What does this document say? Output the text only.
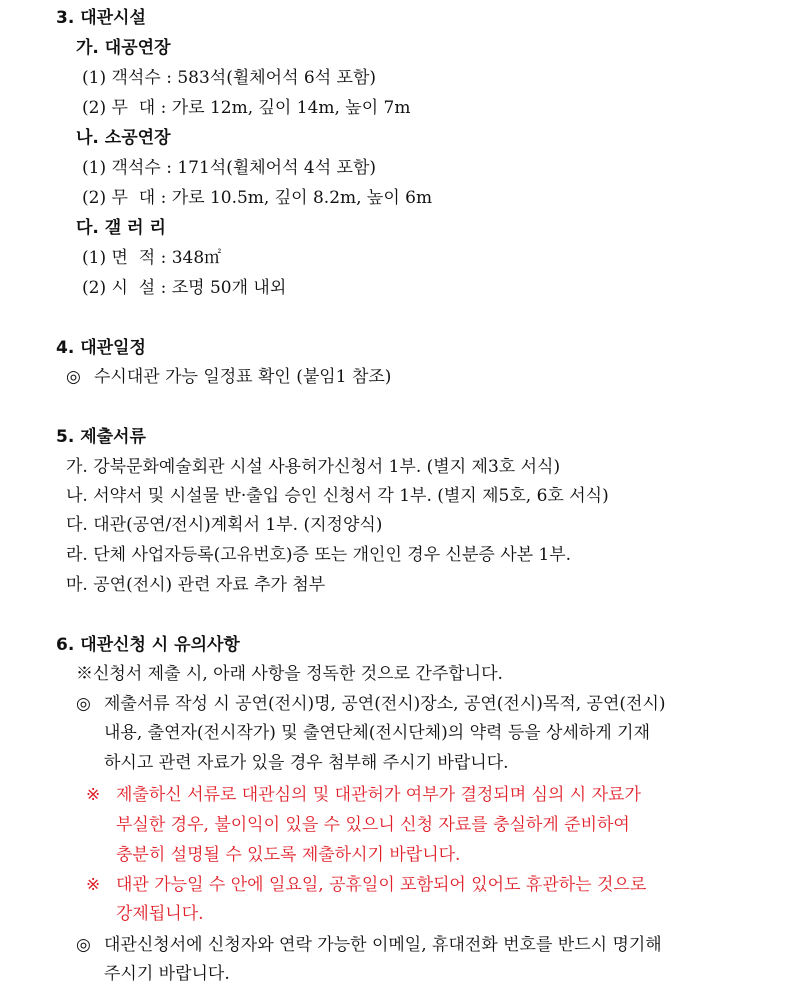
3. 대관시설
가. 대공연장
(1) 객석수 : 583석(휠체어석 6석 포함)
(2) 무  대 : 가로 12m, 깊이 14m, 높이 7m
나. 소공연장
(1) 객석수 : 171석(휠체어석 4석 포함)
(2) 무  대 : 가로 10.5m, 깊이 8.2m, 높이 6m
다. 갤 러 리
(1) 면  적 : 348㎡
(2) 시  설 : 조명 50개 내외
4. 대관일정
◎ 수시대관 가능 일정표 확인 (붙임1 참조)
5. 제출서류
가. 강북문화예술회관 시설 사용허가신청서 1부. (별지 제3호 서식)
나. 서약서 및 시설물 반·출입 승인 신청서 각 1부. (별지 제5호, 6호 서식)
다. 대관(공연/전시)계획서 1부. (지정양식)
라. 단체 사업자등록(고유번호)증 또는 개인인 경우 신분증 사본 1부.
마. 공연(전시) 관련 자료 추가 첨부
6. 대관신청 시 유의사항
※신청서 제출 시, 아래 사항을 정독한 것으로 간주합니다.
◎ 제출서류 작성 시 공연(전시)명, 공연(전시)장소, 공연(전시)목적, 공연(전시)
내용, 출연자(전시작가) 및 출연단체(전시단체)의 약력 등을 상세하게 기재
하시고 관련 자료가 있을 경우 첨부해 주시기 바랍니다.
※ 제출하신 서류로 대관심의 및 대관허가 여부가 결정되며 심의 시 자료가
부실한 경우, 불이익이 있을 수 있으니 신청 자료를 충실하게 준비하여
충분히 설명될 수 있도록 제출하시기 바랍니다.
※ 대관 가능일 수 안에 일요일, 공휴일이 포함되어 있어도 휴관하는 것으로
강제됩니다.
◎ 대관신청서에 신청자와 연락 가능한 이메일, 휴대전화 번호를 반드시 명기해
주시기 바랍니다.
